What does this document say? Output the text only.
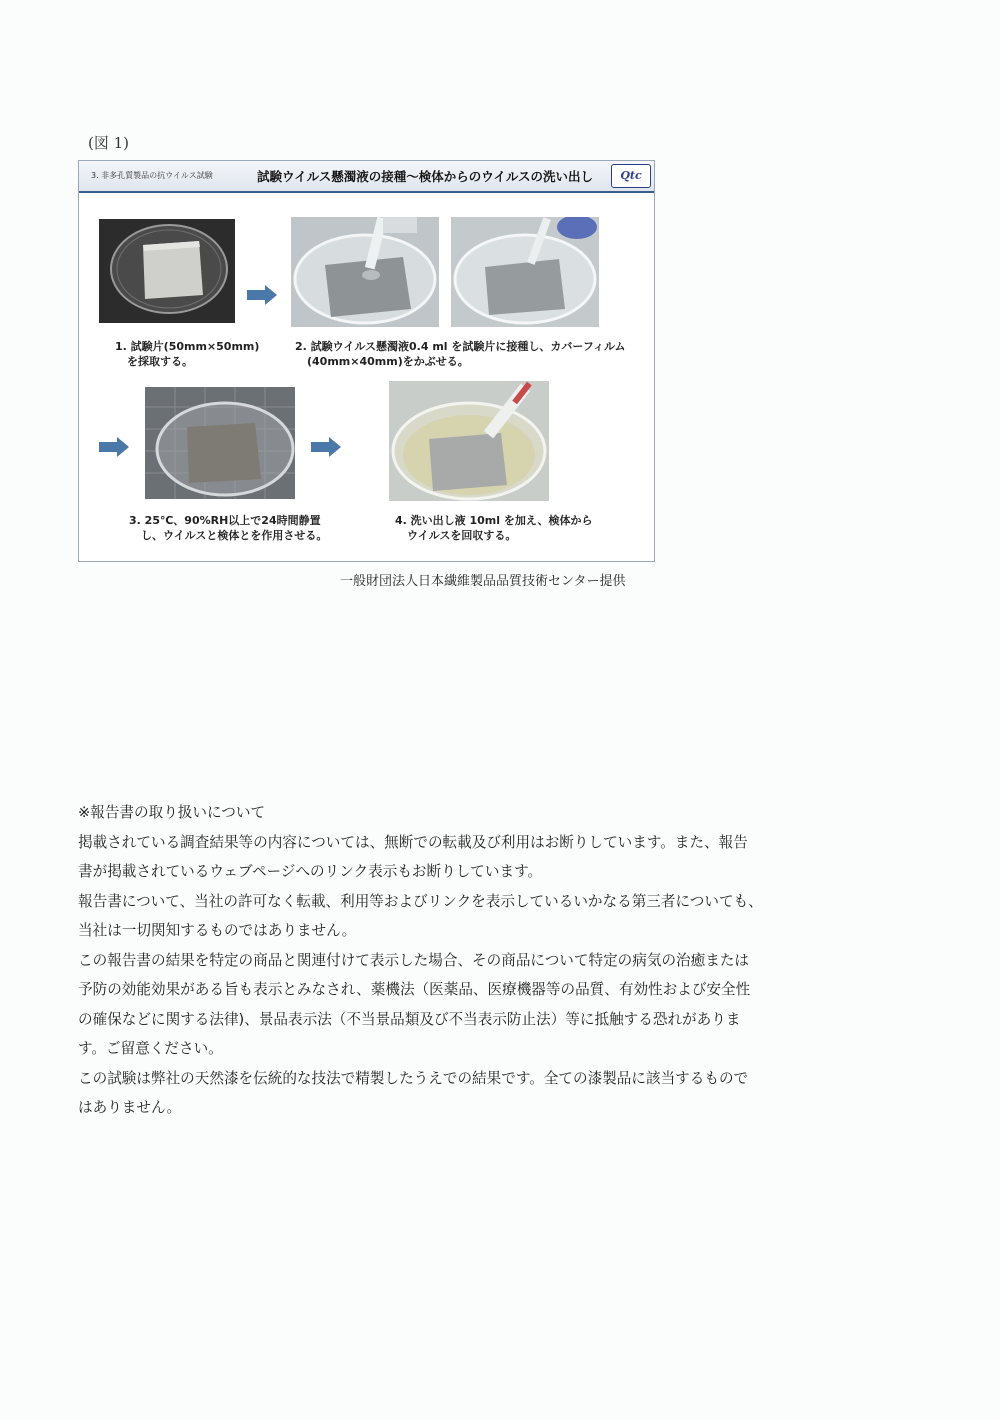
(図 1)
3. 非多孔質製品の抗ウイルス試験	試験ウイルス懸濁液の接種～検体からのウイルスの洗い出し	Qtc
1. 試験片(50mm×50mm)
を採取する。
2. 試験ウイルス懸濁液0.4 ml を試験片に接種し、カバーフィルム
(40mm×40mm)をかぶせる。
3. 25℃、90%RH以上で24時間静置
し、ウイルスと検体とを作用させる。
4. 洗い出し液 10ml を加え、検体から
ウイルスを回収する。
一般財団法人日本繊維製品品質技術センター提供

※報告書の取り扱いについて

掲載されている調査結果等の内容については、無断での転載及び利用はお断りしています。また、報告

書が掲載されているウェブページへのリンク表示もお断りしています。

報告書について、当社の許可なく転載、利用等およびリンクを表示しているいかなる第三者についても、

当社は一切関知するものではありません。

この報告書の結果を特定の商品と関連付けて表示した場合、その商品について特定の病気の治癒または

予防の効能効果がある旨も表示とみなされ、薬機法（医薬品、医療機器等の品質、有効性および安全性

の確保などに関する法律)、景品表示法（不当景品類及び不当表示防止法）等に抵触する恐れがありま

す。ご留意ください。

この試験は弊社の天然漆を伝統的な技法で精製したうえでの結果です。全ての漆製品に該当するもので

はありません。
